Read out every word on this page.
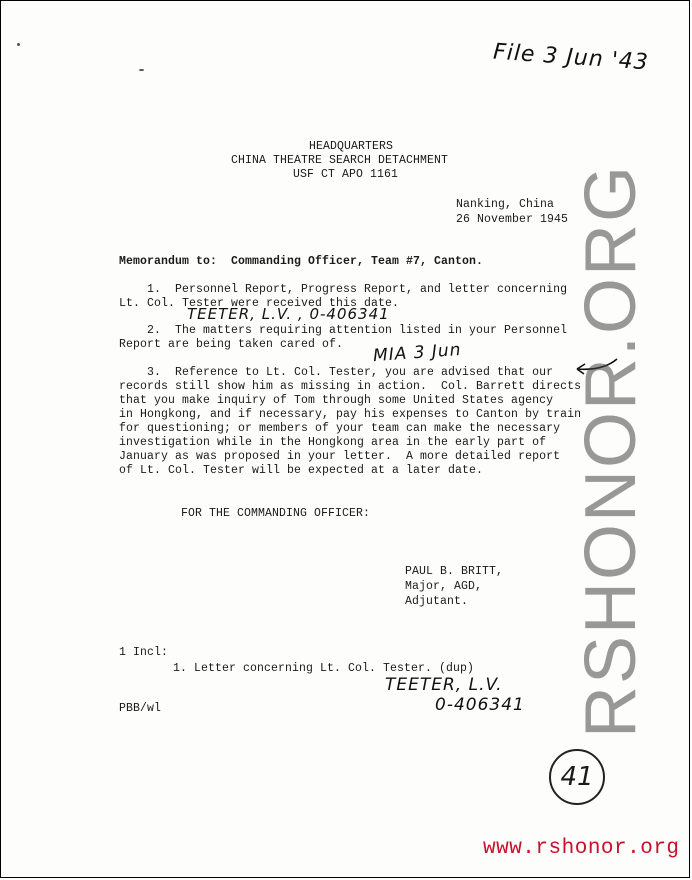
File 3 Jun '43
HEADQUARTERS
CHINA THEATRE SEARCH DETACHMENT
USF CT APO 1161
Nanking, China
26 November 1945
Memorandum to:  Commanding Officer, Team #7, Canton.
1.  Personnel Report, Progress Report, and letter concerning
Lt. Col. Tester were received this date.
TEETER, L.V. , 0-406341
2.  The matters requiring attention listed in your Personnel
Report are being taken cared of. MIA 3 Jun
3.  Reference to Lt. Col. Tester, you are advised that our
records still show him as missing in action.  Col. Barrett directs
that you make inquiry of Tom through some United States agency
in Hongkong, and if necessary, pay his expenses to Canton by train
for questioning; or members of your team can make the necessary
investigation while in the Hongkong area in the early part of
January as was proposed in your letter.  A more detailed report
of Lt. Col. Tester will be expected at a later date.
FOR THE COMMANDING OFFICER:
PAUL B. BRITT,
Major, AGD,
Adjutant.
1 Incl:
1. Letter concerning Lt. Col. Tester. (dup)
TEETER, L.V.
0-406341
PBB/wl
41
RSHONOR.ORG
www.rshonor.org
